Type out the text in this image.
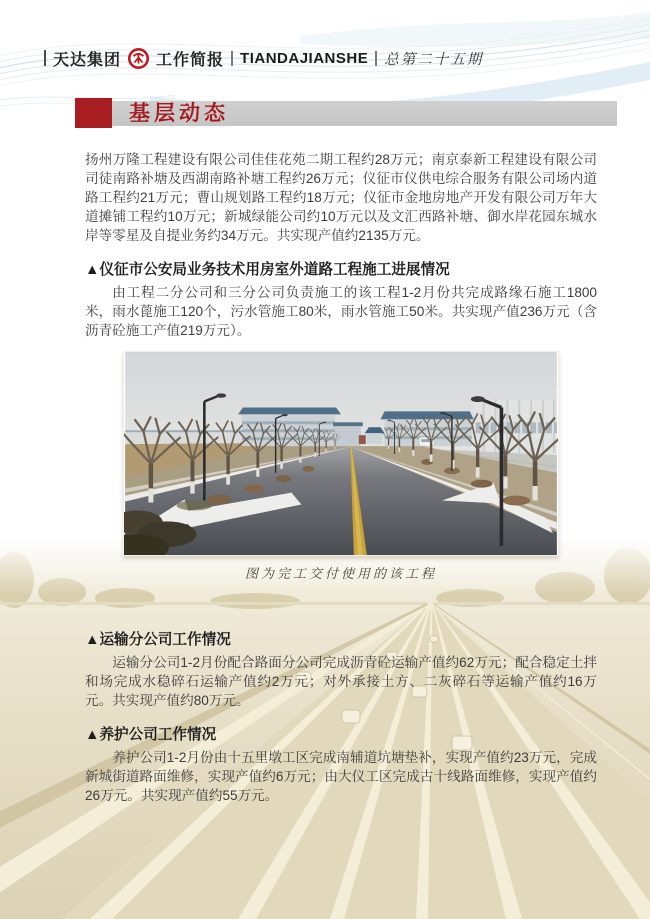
天达集团 工作简报 TIANDAJIANSHE 总第二十五期
基层动态

扬州万隆工程建设有限公司佳佳花苑二期工程约28万元；南京泰新工程建设有限公司司徒南路补塘及西湖南路补塘工程约26万元；仪征市仪供电综合服务有限公司场内道路工程约21万元；曹山规划路工程约18万元；仪征市金地房地产开发有限公司万年大道摊铺工程约10万元；新城绿能公司约10万元以及文汇西路补塘、御水岸花园东城水岸等零星及自提业务约34万元。共实现产值约2135万元。

▲仪征市公安局业务技术用房室外道路工程施工进展情况

由工程二分公司和三分公司负责施工的该工程1-2月份共完成路缘石施工1800米，雨水蓖施工120个，污水管施工80米，雨水管施工50米。共实现产值236万元（含沥青砼施工产值219万元）。

图为完工交付使用的该工程
▲运输分公司工作情况

运输分公司1-2月份配合路面分公司完成沥青砼运输产值约62万元；配合稳定土拌和场完成水稳碎石运输产值约2万元；对外承接土方、二灰碎石等运输产值约16万元。共实现产值约80万元。

▲养护公司工作情况

养护公司1-2月份由十五里墩工区完成南辅道坑塘垫补，实现产值约23万元，完成新城街道路面维修，实现产值约6万元；由大仪工区完成古十线路面维修，实现产值约26万元。共实现产值约55万元。
